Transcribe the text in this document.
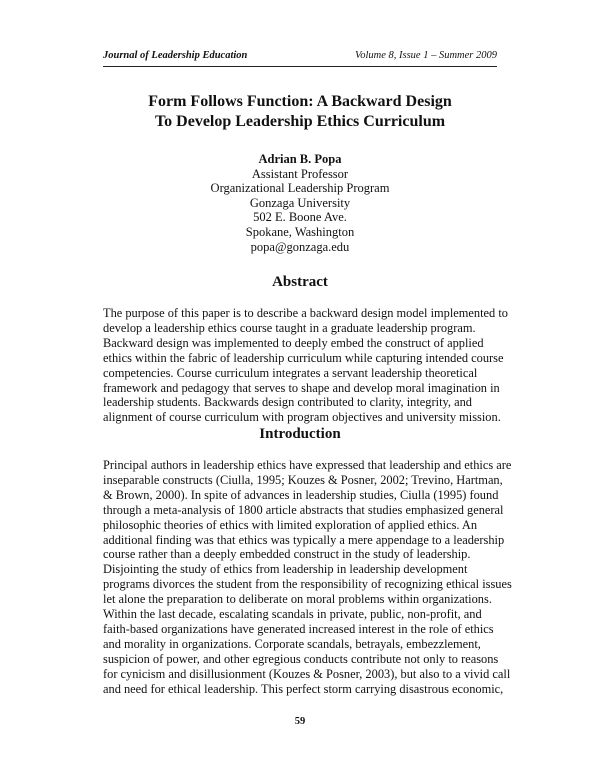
Journal of Leadership Education	Volume 8, Issue 1 – Summer 2009
Form Follows Function: A Backward Design
To Develop Leadership Ethics Curriculum
Adrian B. Popa
Assistant Professor
Organizational Leadership Program
Gonzaga University
502 E. Boone Ave.
Spokane, Washington
popa@gonzaga.edu
Abstract
The purpose of this paper is to describe a backward design model implemented to
develop a leadership ethics course taught in a graduate leadership program.
Backward design was implemented to deeply embed the construct of applied
ethics within the fabric of leadership curriculum while capturing intended course
competencies. Course curriculum integrates a servant leadership theoretical
framework and pedagogy that serves to shape and develop moral imagination in
leadership students. Backwards design contributed to clarity, integrity, and
alignment of course curriculum with program objectives and university mission.
Introduction
Principal authors in leadership ethics have expressed that leadership and ethics are
inseparable constructs (Ciulla, 1995; Kouzes & Posner, 2002; Trevino, Hartman,
& Brown, 2000). In spite of advances in leadership studies, Ciulla (1995) found
through a meta-analysis of 1800 article abstracts that studies emphasized general
philosophic theories of ethics with limited exploration of applied ethics. An
additional finding was that ethics was typically a mere appendage to a leadership
course rather than a deeply embedded construct in the study of leadership.
Disjointing the study of ethics from leadership in leadership development
programs divorces the student from the responsibility of recognizing ethical issues
let alone the preparation to deliberate on moral problems within organizations.
Within the last decade, escalating scandals in private, public, non-profit, and
faith-based organizations have generated increased interest in the role of ethics
and morality in organizations. Corporate scandals, betrayals, embezzlement,
suspicion of power, and other egregious conducts contribute not only to reasons
for cynicism and disillusionment (Kouzes & Posner, 2003), but also to a vivid call
and need for ethical leadership. This perfect storm carrying disastrous economic,
59
